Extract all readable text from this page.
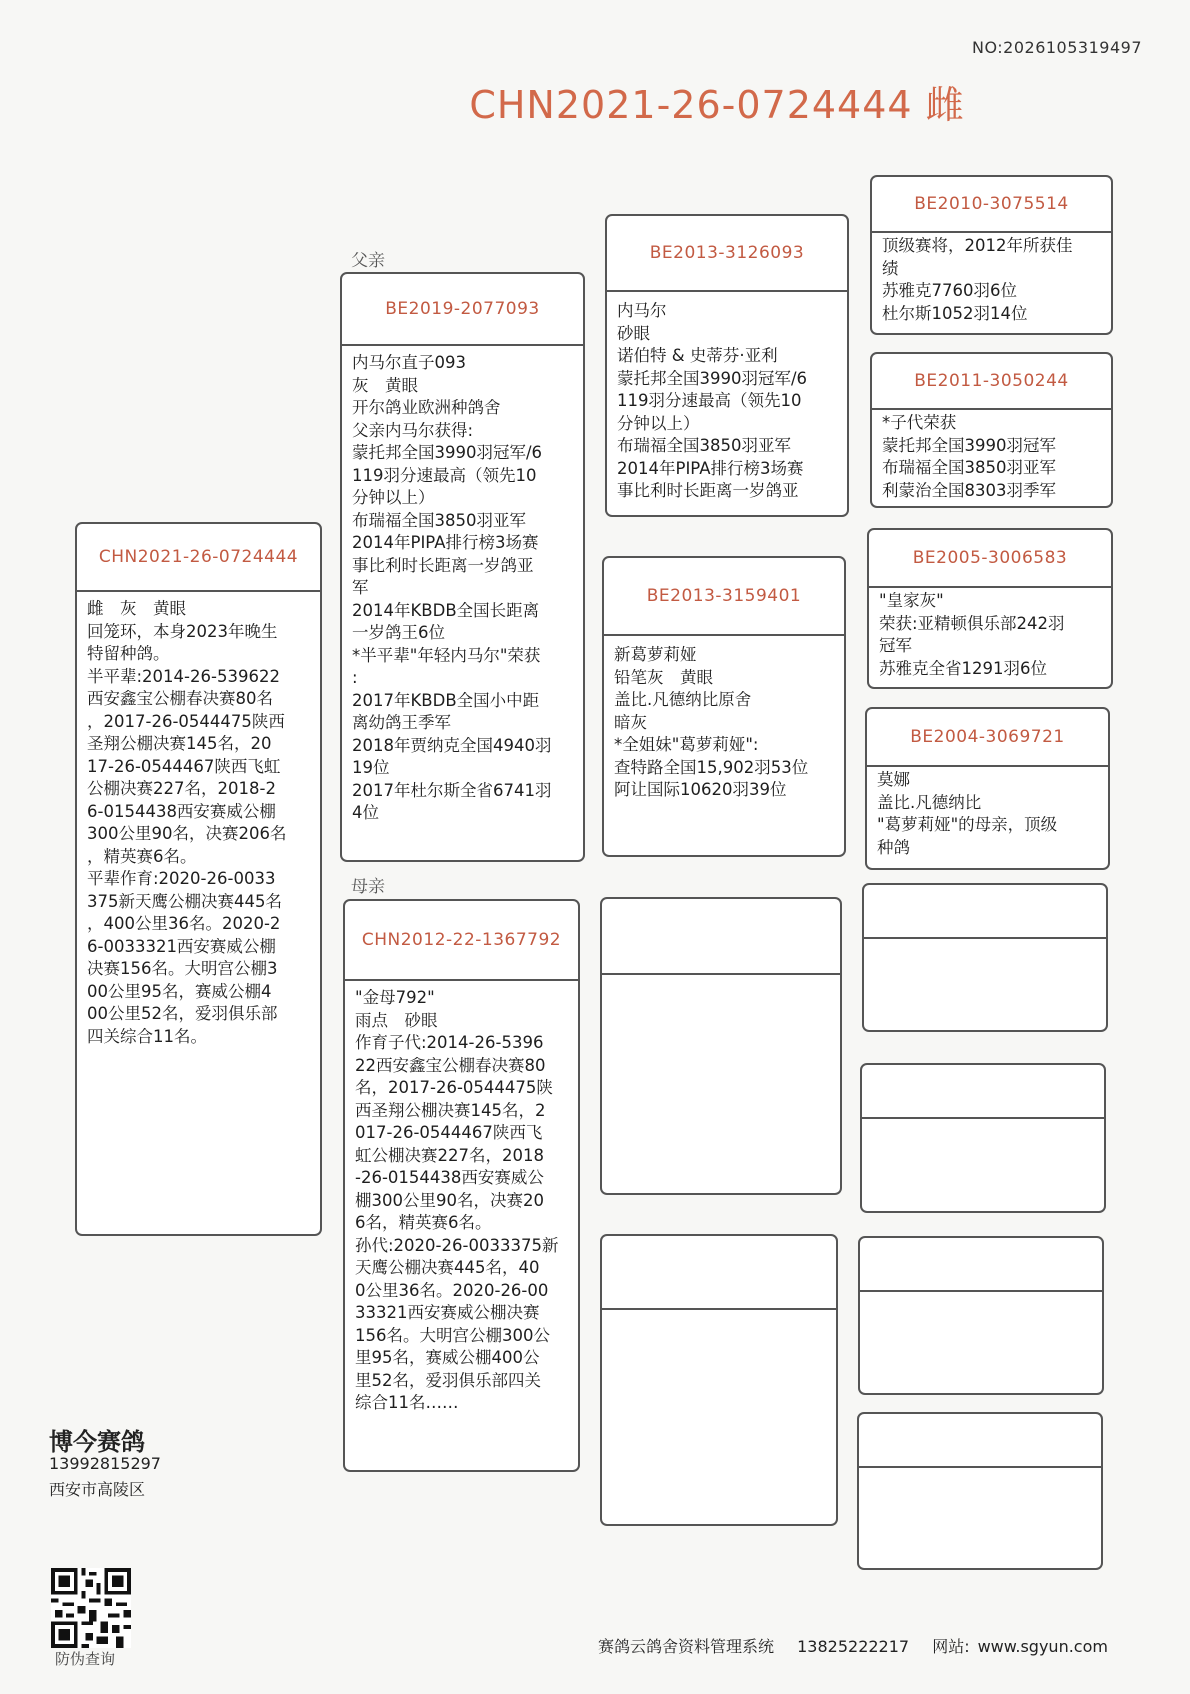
NO:2026105319497
CHN2021-26-0724444 雌
CHN2021-26-0724444
雌　灰　黄眼
回笼环，本身2023年晚生
特留种鸽。
半平辈:2014-26-539622
西安鑫宝公棚春决赛80名
，2017-26-0544475陕西
圣翔公棚决赛145名，20
17-26-0544467陕西飞虹
公棚决赛227名，2018-2
6-0154438西安赛威公棚
300公里90名，决赛206名
，精英赛6名。
平辈作育:2020-26-0033
375新天鹰公棚决赛445名
，400公里36名。2020-2
6-0033321西安赛威公棚
决赛156名。大明宫公棚3
00公里95名，赛威公棚4
00公里52名，爱羽俱乐部
四关综合11名。
父亲
BE2019-2077093
内马尔直子093
灰　黄眼
开尔鸽业欧洲种鸽舍
父亲内马尔获得:
蒙托邦全国3990羽冠军/6
119羽分速最高（领先10
分钟以上）
布瑞福全国3850羽亚军
2014年PIPA排行榜3场赛
事比利时长距离一岁鸽亚
军
2014年KBDB全国长距离
一岁鸽王6位
*半平辈"年轻内马尔"荣获
:
2017年KBDB全国小中距
离幼鸽王季军
2018年贾纳克全国4940羽
19位
2017年杜尔斯全省6741羽
4位
母亲
CHN2012-22-1367792
"金母792"
雨点　砂眼
作育子代:2014-26-5396
22西安鑫宝公棚春决赛80
名，2017-26-0544475陕
西圣翔公棚决赛145名，2
017-26-0544467陕西飞
虹公棚决赛227名，2018
-26-0154438西安赛威公
棚300公里90名，决赛20
6名，精英赛6名。
孙代:2020-26-0033375新
天鹰公棚决赛445名，40
0公里36名。2020-26-00
33321西安赛威公棚决赛
156名。大明宫公棚300公
里95名，赛威公棚400公
里52名，爱羽俱乐部四关
综合11名……
BE2013-3126093
内马尔
砂眼
诺伯特 & 史蒂芬·亚利
蒙托邦全国3990羽冠军/6
119羽分速最高（领先10
分钟以上）
布瑞福全国3850羽亚军
2014年PIPA排行榜3场赛
事比利时长距离一岁鸽亚
BE2013-3159401
新葛萝莉娅
铅笔灰　黄眼
盖比.凡德纳比原舍
暗灰
*全姐妹"葛萝莉娅":
查特路全国15,902羽53位
阿让国际10620羽39位
BE2010-3075514
顶级赛将，2012年所获佳
绩
苏雅克7760羽6位
杜尔斯1052羽14位
BE2011-3050244
*子代荣获
蒙托邦全国3990羽冠军
布瑞福全国3850羽亚军
利蒙治全国8303羽季军
BE2005-3006583
"皇家灰"
荣获:亚精顿俱乐部242羽
冠军
苏雅克全省1291羽6位
BE2004-3069721
莫娜
盖比.凡德纳比
"葛萝莉娅"的母亲，顶级
种鸽
博今赛鸽
13992815297
西安市高陵区
防伪查询
赛鸽云鸽舍资料管理系统 13825222217 网站: www.sgyun.com
